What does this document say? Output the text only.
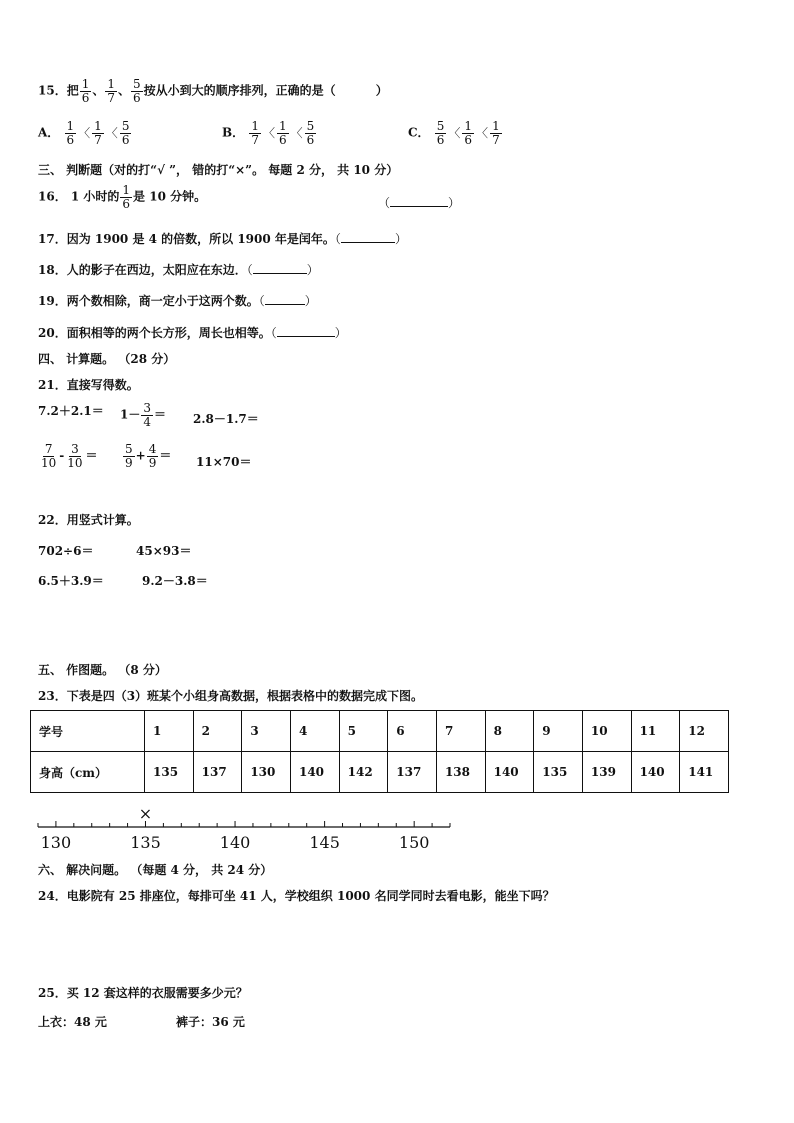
15．把 $\frac{1}{6}$ 、 $\frac{1}{7}$ 、 $\frac{5}{6}$ 按从小到大的顺序排列，正确的是（	）
A． $\frac{1}{6}$ 〈 $\frac{1}{7}$ 〈 $\frac{5}{6}$	B． $\frac{1}{7}$ 〈 $\frac{1}{6}$ 〈 $\frac{5}{6}$	C． $\frac{5}{6}$ 〈 $\frac{1}{6}$ 〈 $\frac{1}{7}$
三、 判断题（对的打“√ ”， 错的打“×”。 每题 2 分， 共 10 分）
16． 1 小时的 $\frac{1}{6}$ 是 10 分钟。	（	）
17．因为 1900 是 4 的倍数，所以 1900 年是闰年。（	）
18．人的影子在西边，太阳应在东边．（	）
19．两个数相除，商一定小于这两个数。（	）
20．面积相等的两个长方形，周长也相等。（	）
四、 计算题。 （28 分）
21．直接写得数。
$7.2+2.1= 1- \frac{3}{4} = 2.8-1.7=$
$\frac{7}{10} - \frac{3}{10} = \frac{5}{9} + \frac{4}{9} = 11\times 70=$
22．用竖式计算。
702÷6＝	45×93＝
6.5＋3.9＝	9.2－3.8＝
五、 作图题。 （8 分）
23．下表是四（3）班某个小组身高数据，根据表格中的数据完成下图。
学号	1	2	3	4	5	6	7	8	9	10	11	12
身高（cm）	135	137	130	140	142	137	138	140	135	139	140	141
130	135	140	145	150
×
六、 解决问题。 （每题 4 分， 共 24 分）
24．电影院有 25 排座位，每排可坐 41 人，学校组织 1000 名同学同时去看电影，能坐下吗？
25．买 12 套这样的衣服需要多少元？
上衣：48 元	裤子：36 元
